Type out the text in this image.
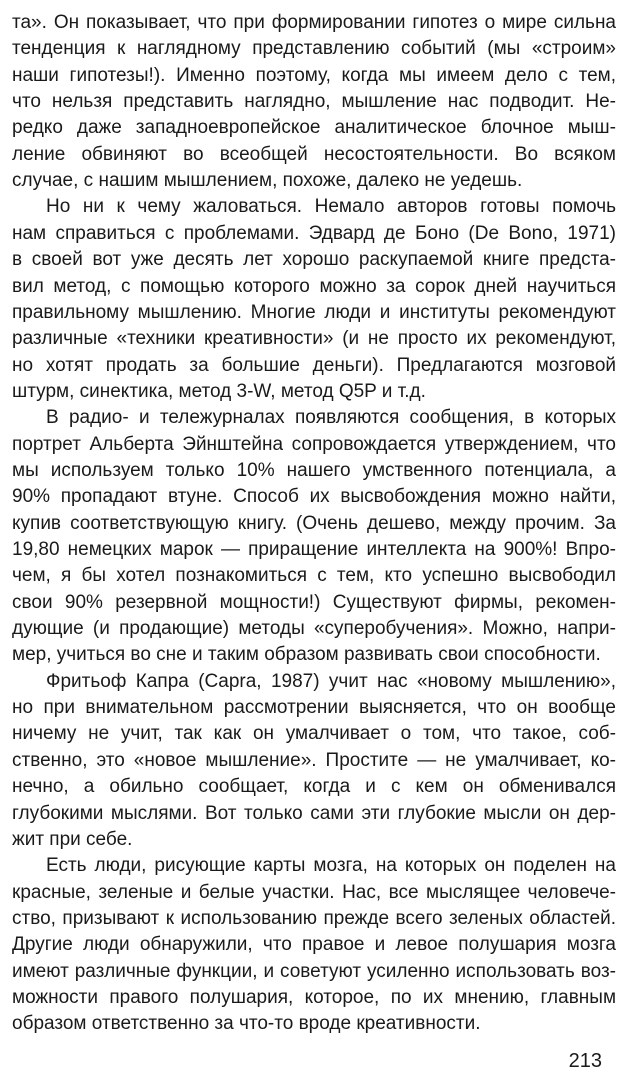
та». Он показывает, что при формировании гипотез о мире сильна
тенденция к наглядному представлению событий (мы «строим»
наши гипотезы!). Именно поэтому, когда мы имеем дело с тем,
что нельзя представить наглядно, мышление нас подводит. Не-
редко даже западноевропейское аналитическое блочное мыш-
ление обвиняют во всеобщей несостоятельности. Во всяком
случае, с нашим мышлением, похоже, далеко не уедешь.
Но ни к чему жаловаться. Немало авторов готовы помочь
нам справиться с проблемами. Эдвард де Боно (De Bono, 1971)
в своей вот уже десять лет хорошо раскупаемой книге предста-
вил метод, с помощью которого можно за сорок дней научиться
правильному мышлению. Многие люди и институты рекомендуют
различные «техники креативности» (и не просто их рекомендуют,
но хотят продать за большие деньги). Предлагаются мозговой
штурм, синектика, метод 3-W, метод Q5P и т.д.
В радио- и тележурналах появляются сообщения, в которых
портрет Альберта Эйнштейна сопровождается утверждением, что
мы используем только 10% нашего умственного потенциала, а
90% пропадают втуне. Способ их высвобождения можно найти,
купив соответствующую книгу. (Очень дешево, между прочим. За
19,80 немецких марок — приращение интеллекта на 900%! Впро-
чем, я бы хотел познакомиться с тем, кто успешно высвободил
свои 90% резервной мощности!) Существуют фирмы, рекомен-
дующие (и продающие) методы «суперобучения». Можно, напри-
мер, учиться во сне и таким образом развивать свои способности.
Фритьоф Капра (Capra, 1987) учит нас «новому мышлению»,
но при внимательном рассмотрении выясняется, что он вообще
ничему не учит, так как он умалчивает о том, что такое, соб-
ственно, это «новое мышление». Простите — не умалчивает, ко-
нечно, а обильно сообщает, когда и с кем он обменивался
глубокими мыслями. Вот только сами эти глубокие мысли он дер-
жит при себе.
Есть люди, рисующие карты мозга, на которых он поделен на
красные, зеленые и белые участки. Нас, все мыслящее человече-
ство, призывают к использованию прежде всего зеленых областей.
Другие люди обнаружили, что правое и левое полушария мозга
имеют различные функции, и советуют усиленно использовать воз-
можности правого полушария, которое, по их мнению, главным
образом ответственно за что-то вроде креативности.
213
